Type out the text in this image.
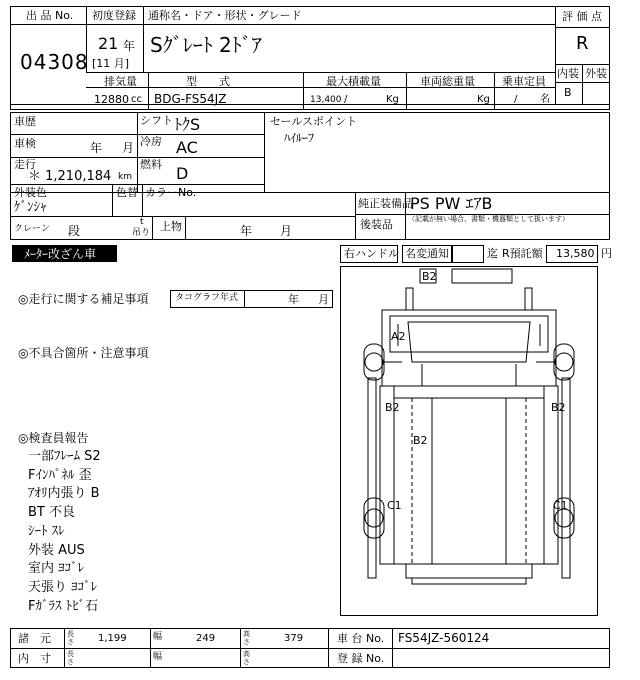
出 品 No.
04308
初度登録
21 年
[11 月]
通称名・ドア・形状・グレード
Sｸﾞﾚｰﾄ 2ﾄﾞｱ
評 価 点
R
内装 外装
B
排気量
12880 cc
型　　式
BDG-FS54JZ
最大積載量
13,400 /	Kg
車両総重量
Kg
乗車定員
/ 名
車歴
車検	年 月
走行
＊ 1,210,184 km
シフト ﾄｸS
冷房 AC
燃料 D
セールスポイント
ﾊｲﾙｰﾌ
外装色
ｹﾞﾝｼｬ
色替 カラーNo.
クレーン 段
t
吊り 上物	年 月
純正装備品
PS PW ｴｱB
後装品 （記載が無い場合、書類・機器類として扱います）
ﾒｰﾀｰ改ざん車	右ハンドル 名変通知	迄 R預託額 13,580 円
◎走行に関する補足事項	タコグラフ年式	年 月
◎不具合箇所・注意事項
◎検査員報告
一部ﾌﾚｰﾑ S2
Fｲﾝﾊﾟﾈﾙ 歪
ｱｵﾘ内張り B
BT 不良
ｼｰﾄ ｽﾚ
外装 AUS
室内 ﾖｺﾞﾚ
天張り ﾖｺﾞﾚ
Fｶﾞﾗｽ ﾄﾋﾞ石
B2
A2
B2
B2
B2
C1	C1
諸　元 長さ 1,199	幅	249	高さ	379	車 台 No. FS54JZ-560124
内　寸 長さ	幅	高さ	登 録 No.
